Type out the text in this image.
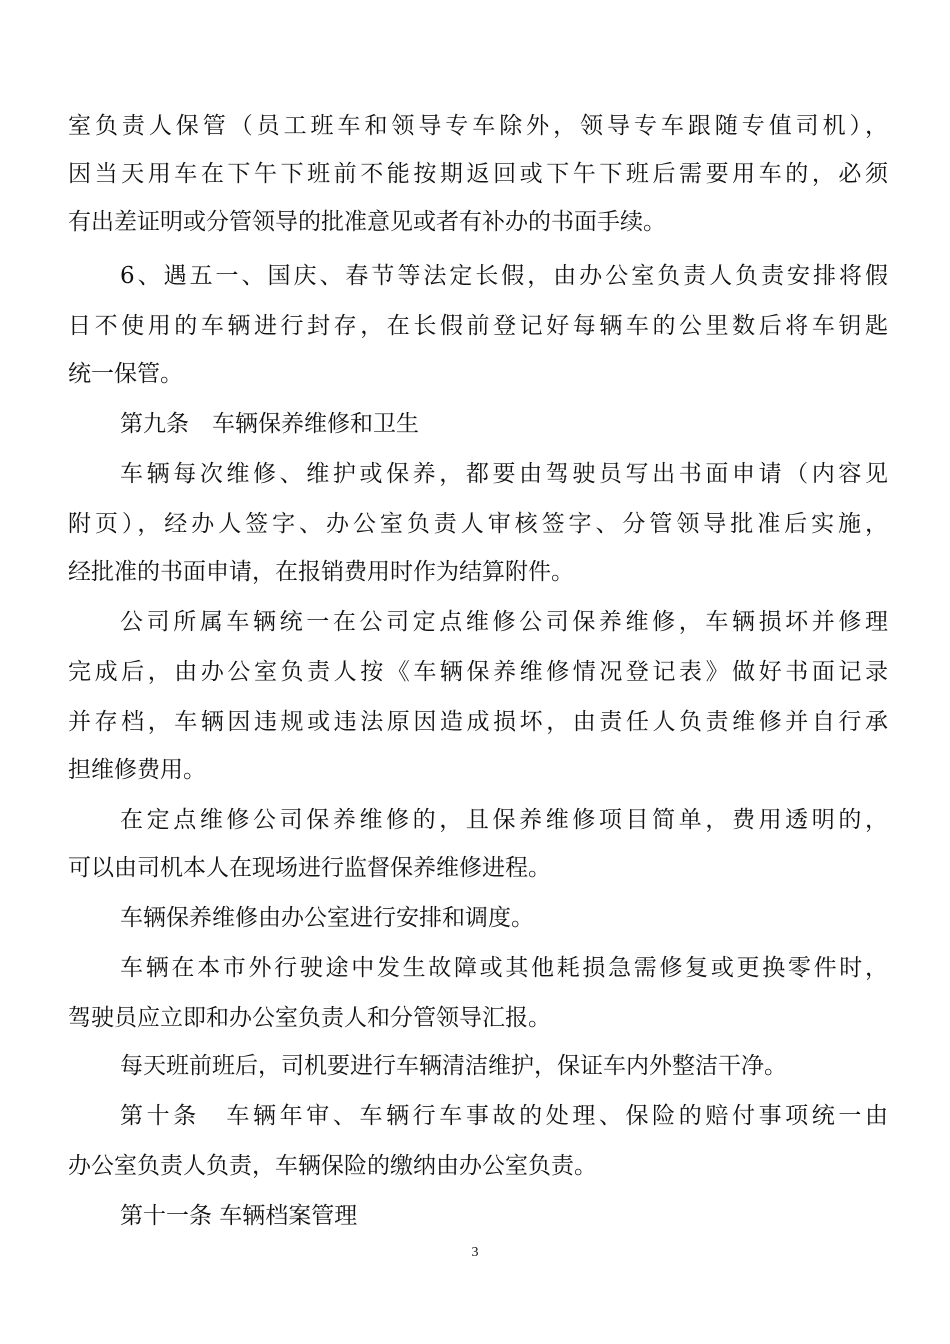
室负责人保管（员工班车和领导专车除外，领导专车跟随专值司机），
因当天用车在下午下班前不能按期返回或下午下班后需要用车的，必须
有出差证明或分管领导的批准意见或者有补办的书面手续。
6、遇五一、国庆、春节等法定长假，由办公室负责人负责安排将假
日不使用的车辆进行封存，在长假前登记好每辆车的公里数后将车钥匙
统一保管。
第九条　车辆保养维修和卫生
车辆每次维修、维护或保养，都要由驾驶员写出书面申请（内容见
附页），经办人签字、办公室负责人审核签字、分管领导批准后实施，
经批准的书面申请，在报销费用时作为结算附件。
公司所属车辆统一在公司定点维修公司保养维修，车辆损坏并修理
完成后，由办公室负责人按《车辆保养维修情况登记表》做好书面记录
并存档，车辆因违规或违法原因造成损坏，由责任人负责维修并自行承
担维修费用。
在定点维修公司保养维修的，且保养维修项目简单，费用透明的，
可以由司机本人在现场进行监督保养维修进程。
车辆保养维修由办公室进行安排和调度。
车辆在本市外行驶途中发生故障或其他耗损急需修复或更换零件时，
驾驶员应立即和办公室负责人和分管领导汇报。
每天班前班后，司机要进行车辆清洁维护，保证车内外整洁干净。
第十条　车辆年审、车辆行车事故的处理、保险的赔付事项统一由
办公室负责人负责，车辆保险的缴纳由办公室负责。
第十一条 车辆档案管理
3
